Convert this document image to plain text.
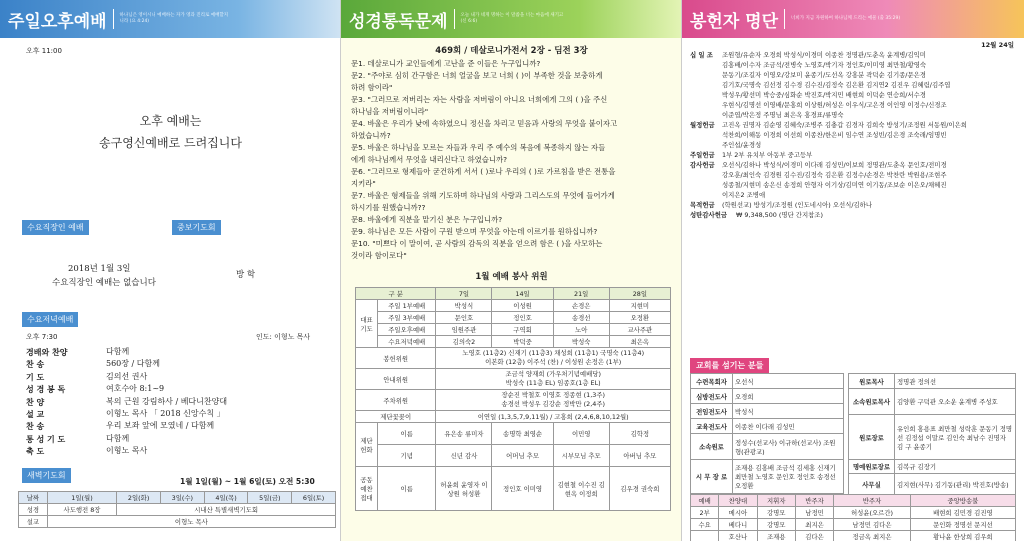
주일오후예배	하나님은 영이시니 예배하는 자가 영과 진리로 예배할지니라 (요 4:24)
오후 11:00
오후 예배는
송구영신예배로 드려집니다
수요직장인 예배	중보기도회
2018년 1월 3일
수요직장인 예배는 없습니다
방 학
수요저녁예배
오후 7:30	인도: 이형노 목사
경배와 찬양	다함께
찬 송	560장 / 다함께
기 도	김의선 권사
성 경 봉 독	여호수아 8:1~9
찬 양	복의 근원 강림하사 / 베다니찬양대
설 교	이형노 목사 「 2018 신앙수칙 」
찬 송	우리 보좌 앞에 모였네 / 다함께
통 성 기 도	다함께
축 도	이형노 목사
새벽기도회
1월 1일(월) ~ 1월 6일(토) 오전 5:30
날짜	1일(월)	2일(화)	3일(수)	4일(목)	5일(금)	6일(토)
성경	사도행전 8장	시내산 특별새벽기도회				
설교	이형노 목사					
성경통독문제	오늘 내가 네게 명하는 이 말씀을 너는 마음에 새기고 (신 6:6)
469회 / 데살로니가전서 2장 - 딤전 3장
문1. 데살로니가 교인들에게 고난을 준 이들은 누구입니까?
문2. "주야로 심히 간구함은 너희 얼굴을 보고 너희 ( )이 부족한 것을 보충하게
하려 함이라"
문3. "그러므로 저버리는 자는 사람을 저버림이 아니요 너희에게 그의 ( )을 주신
하나님을 저버림이니라"
문4. 바울은 우리가 낮에 속하였으니 정신을 차리고 믿음과 사랑의 무엇을 붙이자고
하였습니까?
문5. 바울은 하나님을 모르는 자들과 우리 주 예수의 복음에 복종하지 않는 자들
에게 하나님께서 무엇을 내리신다고 하였습니까?
문6. "그러므로 형제들아 굳건하게 서서 ( )로나 우리의 ( )로 가르침을 받은 전통을
지키라"
문7. 바울은 형제들을 위해 기도하며 하나님의 사랑과 그리스도의 무엇에 들어가게
하시기를 원했습니까??
문8. 바울에게 직분을 맡기신 분은 누구입니까?
문9. 하나님은 모든 사람이 구원 받으며 무엇을 아는데 이르기를 원하십니까?
문10. "미쁘다 이 말이여, 곧 사람의 감독의 직분을 얻으려 함은 ( )을 사모하는
것이라 함이로다"
1월 예배 봉사 위원
구 분		7일	14일	21일	28일
대표기도	주일 1부예배	박성식	이성원	손경은	지현미
	주일 3부예배	문인호	정인호	송경선	오정환
	주일오후예배	임원주관	구역회	노아	교사주관
	수요저녁예배	김의숙2	박덕중	박성숙	최은옥
봉헌위원		노영호 (11층2) 신재기 (11층3) 채성희 (11층1) 국명숙 (11층4)
이본화 (12층) 이주석 (찬) / 이성원 손정은 (1부)			

안내위원		조금석 양재희 (가우처기념예배당)
박성숙 (11층 EL) 임종호(1층 EL)			

주차위원		장순진 박철호 이영호 정종현 (1,3주)
송경선 박성우 김강순 정박만 (2,4주)			

제단꽃꽂이		이연일 (1,3,5,7,9,11월) / 고홍희 (2,4,6,8,10,12월)			
제단헌화	이름	유은송 류미자	송명학 최영순	이민영	김학정
	기념	신년 감사	어머님 추모	시부모님 추모	아버님 추모
공동예찬접대	이름	허윤희 윤영자 이상원 허성환	정인호 이미영	김현철 이수진 김현옥 이정희	김우경 권숙희
봉헌자 명단	너희가 지금 자원하여 하나님께 드리는 예물 (출 35:29)
12월 24일
십 일 조	조원형/유순자 오경희 박성식/이경미 이종찬 정명관/도춘옥 윤계병/김익미
김홍배/이수자 조금석/전병숙 노영호/박기자 정인호/이미영 최만철/황영숙
문동기/조길자 이영오/강보미 윤종기/도선옥 강홍분 곽덕순 김기종/문은경
김기호/국명숙 김선정 김수경 김수진/김정숙 김은환 김지연2 김진우 김혜림/김주엽
박성우/황선미 박승중/심화순 박진호/박지민 배현희 이덕순 연승희/서수경
우현식/김명선 이영배/문홍희 이상원/허성은 이우식/고은경 이인영 이정수/신경조
이준엽/박은정 주명님 최은옥 홍경표/류명숙
월정헌금	고진옥 권명자 김순영 김혜숙/조병주 김충갑 김경자 김희숙 방성기/조정원 서동원/이은희
석찬희/이해동 이경희 이선희 이종찬/한은비 임수연 조성빈/김은경 조숙래/임명빈
주인섭/윤경성
주일헌금	1부 2부 유치부 아동부 중고등부
감사헌금	오선식/김하나 박성식/이경미 이다래 김성민/이보희 정명관/도춘옥 문인호/전미경
강오훈/최인숙 김경원 김수진/김정숙 김은환 김정수/손경은 박찬란 박원용/조현주
성종철/지현미 송은신 송정희 안형자 이기상/김미연 이기동/조보순 이은오/채혜진
이지은2 조병애
목적헌금	(학원선교) 방성기/조정원 (인도네시아) 오선식/김하나
성탄감사헌금	₩ 9,348,500 (명단 간지참조)
교회를 섬기는 분들
수련목회자	오선식
심방전도사	오경희
전임전도사	박성식
교육전도사	이종찬 이다래 김성민
소속원로	정성수(선교사) 이규하(선교사) 조원형(관광교)
시 무 장 로	조재용 김홍배 조금석 김세홍 신재기 최만철 노영호 문인호 정인호 송경선 오정환
원로목사	정명관 정의선
소속원로목사	김양환 구덕관 오소운 윤계병 주성호
원로장로	유인희 홍용표 최만철 성락훈 문동기 정명선 김정섭 이말로 김인숙 최남수 진명자 김 구 윤종기
명예원로장로	김복규 김장기
사무실	김지현(사무) 김기동(관리) 박진호(방송)
예배	찬양대	지휘자	반주자	반주자	중앙방송불
2부	메시아	강명모	남정민	허성윤(오르간)	배현희 김민경 김진영
수요	베다니	강명모	최지은	남정민 김다은	문인화 정명선 문지선
	호산나	조재용	김다은	정금옥 최지은	황나윤 한상희 김우희
